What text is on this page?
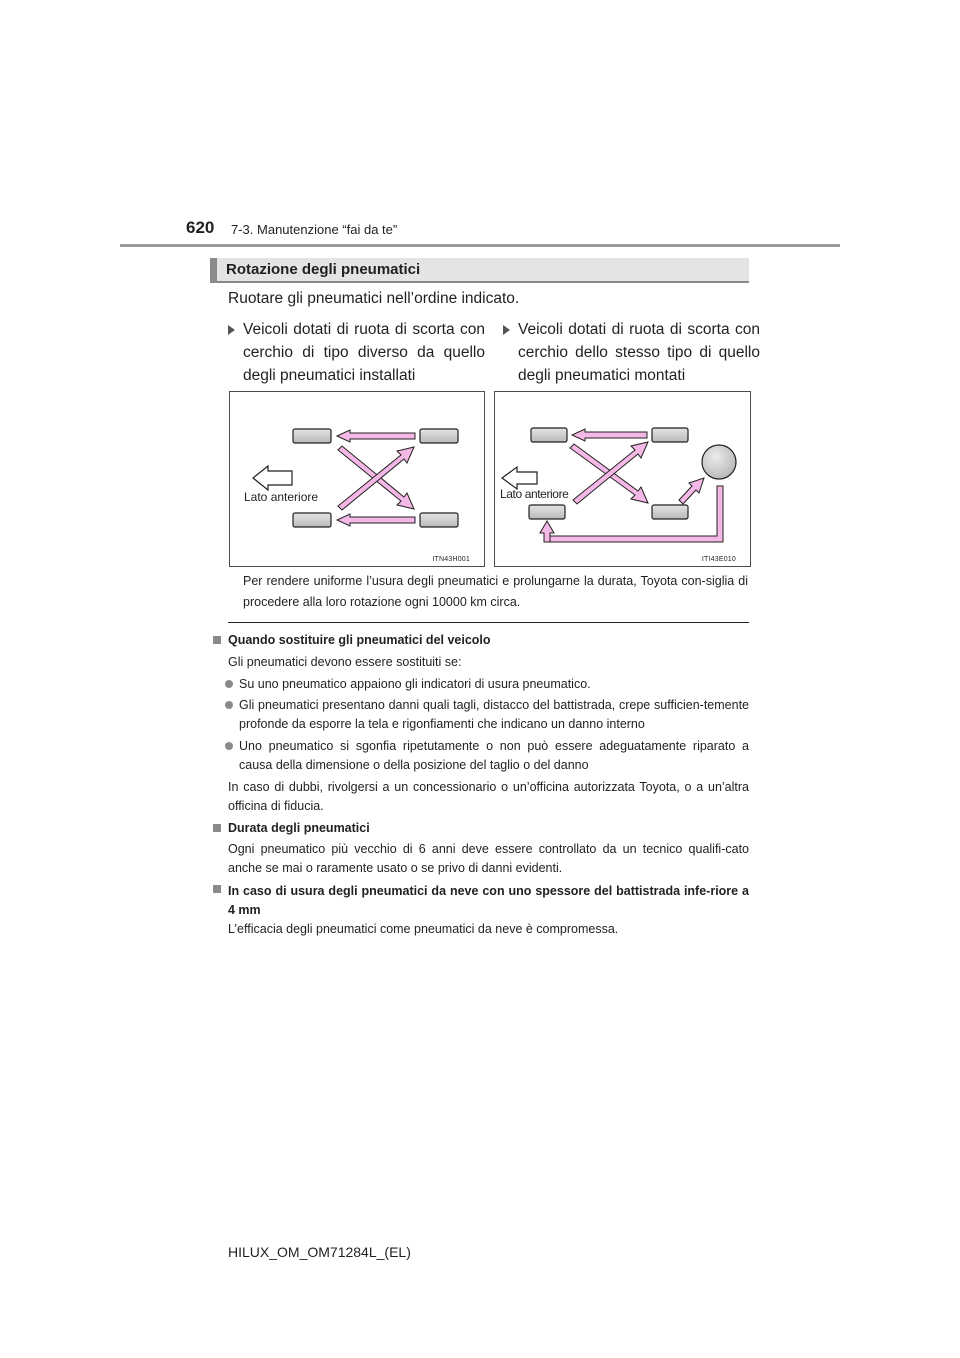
620 7-3. Manutenzione “fai da te”
Rotazione degli pneumatici
Ruotare gli pneumatici nell’ordine indicato.
Veicoli dotati di ruota di scorta con cerchio di tipo diverso da quello degli pneumatici installati
Veicoli dotati di ruota di scorta con cerchio dello stesso tipo di quello degli pneumatici montati
Lato anteriore
ITN43H001
Lato anteriore
ITI43E010
Per rendere uniforme l’usura degli pneumatici e prolungarne la durata, Toyota con-siglia di procedere alla loro rotazione ogni 10000 km circa.
Quando sostituire gli pneumatici del veicolo
Gli pneumatici devono essere sostituiti se:
Su uno pneumatico appaiono gli indicatori di usura pneumatico.
Gli pneumatici presentano danni quali tagli, distacco del battistrada, crepe sufficien-temente profonde da esporre la tela e rigonfiamenti che indicano un danno interno
Uno pneumatico si sgonfia ripetutamente o non può essere adeguatamente riparato a causa della dimensione o della posizione del taglio o del danno
In caso di dubbi, rivolgersi a un concessionario o un’officina autorizzata Toyota, o a un’altra officina di fiducia.
Durata degli pneumatici
Ogni pneumatico più vecchio di 6 anni deve essere controllato da un tecnico qualifi-cato anche se mai o raramente usato o se privo di danni evidenti.
In caso di usura degli pneumatici da neve con uno spessore del battistrada infe-riore a 4 mm
L’efficacia degli pneumatici come pneumatici da neve è compromessa.
HILUX_OM_OM71284L_(EL)
